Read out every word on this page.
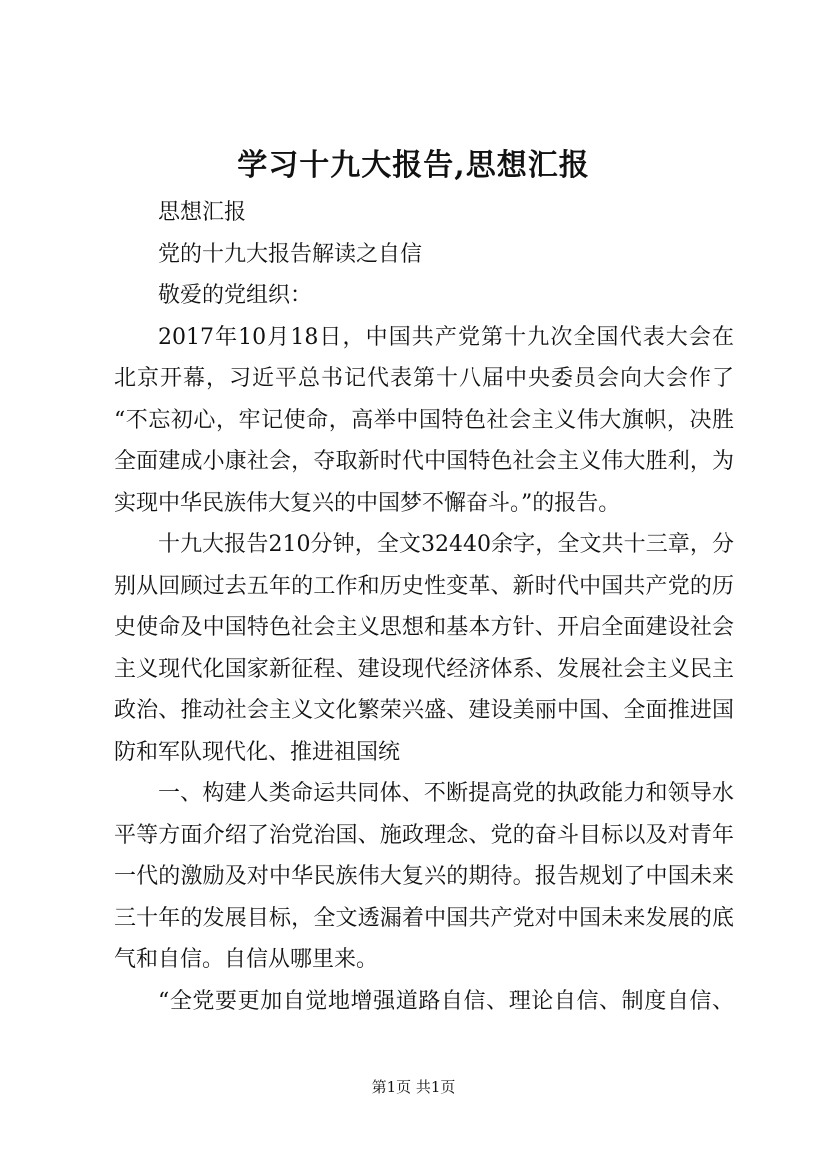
学习十九大报告,思想汇报
思想汇报
党的十九大报告解读之自信
敬爱的党组织：
2017年10月18日，中国共产党第十九次全国代表大会在
北京开幕，习近平总书记代表第十八届中央委员会向大会作了
“不忘初心，牢记使命，高举中国特色社会主义伟大旗帜，决胜
全面建成小康社会，夺取新时代中国特色社会主义伟大胜利，为
实现中华民族伟大复兴的中国梦不懈奋斗。”的报告。
十九大报告210分钟，全文32440余字，全文共十三章，分
别从回顾过去五年的工作和历史性变革、新时代中国共产党的历
史使命及中国特色社会主义思想和基本方针、开启全面建设社会
主义现代化国家新征程、建设现代经济体系、发展社会主义民主
政治、推动社会主义文化繁荣兴盛、建设美丽中国、全面推进国
防和军队现代化、推进祖国统
一、构建人类命运共同体、不断提高党的执政能力和领导水
平等方面介绍了治党治国、施政理念、党的奋斗目标以及对青年
一代的激励及对中华民族伟大复兴的期待。报告规划了中国未来
三十年的发展目标，全文透漏着中国共产党对中国未来发展的底
气和自信。自信从哪里来。
“全党要更加自觉地增强道路自信、理论自信、制度自信、
第1页 共1页
